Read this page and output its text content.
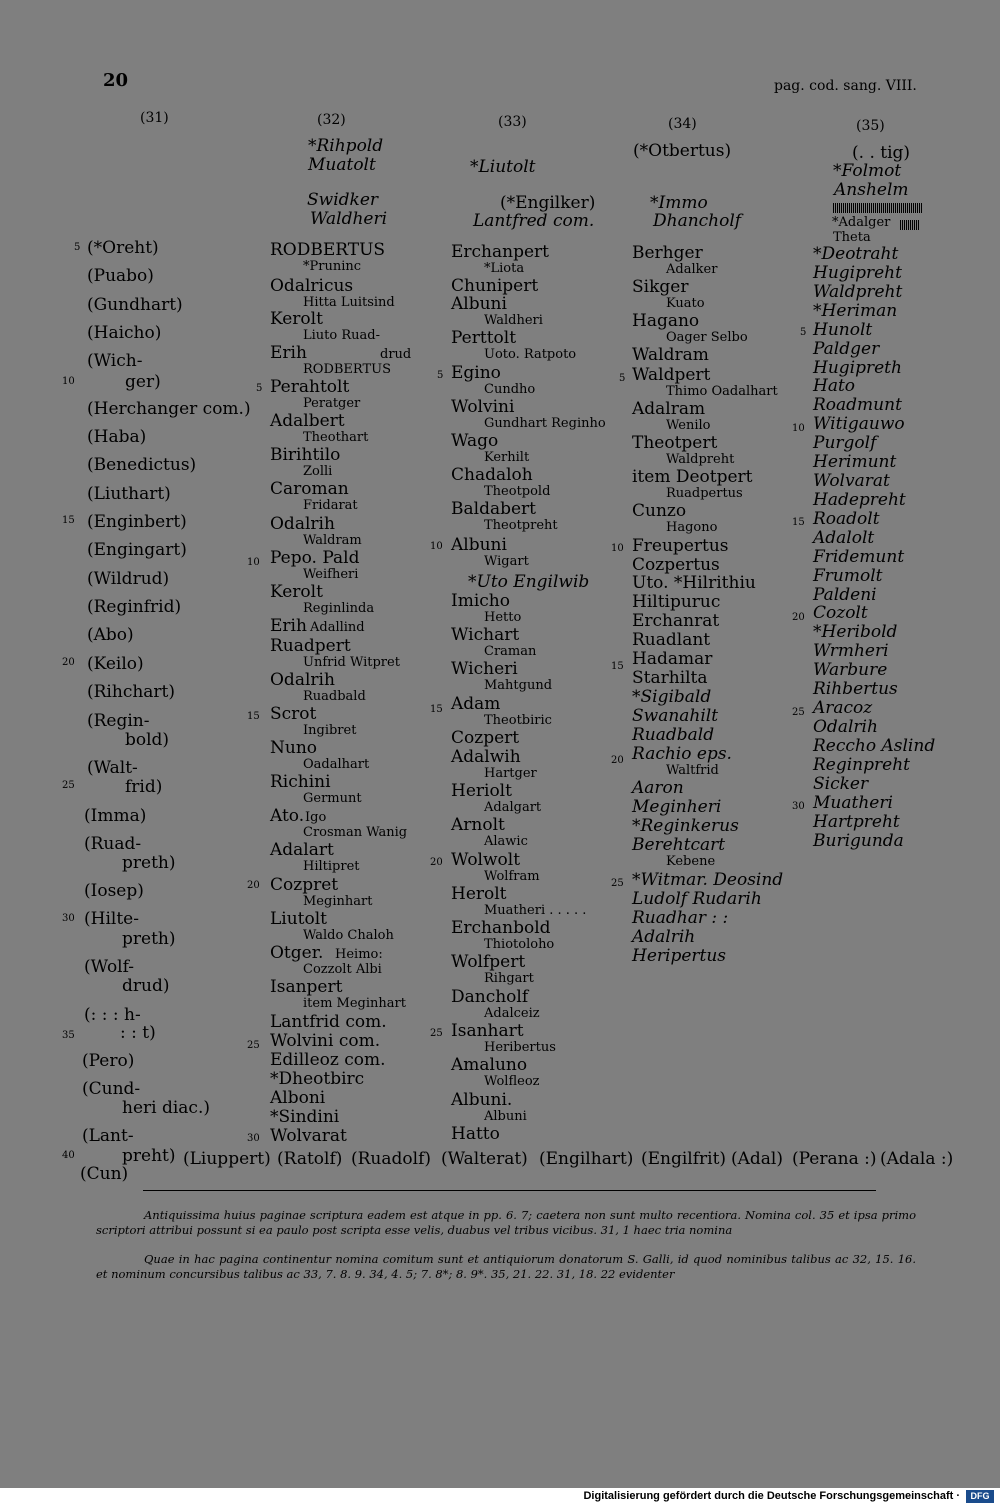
20	pag. cod. sang. VIII.
(31)	(32)	(33)	(34)	(35)
5
10
15
20
25
30
35
40
(*Oreht)
(Puabo)
(Gundhart)
(Haicho)
(Wich-
ger)
(Herchanger com.)
(Haba)
(Benedictus)
(Liuthart)
(Enginbert)
(Engingart)
(Wildrud)
(Reginfrid)
(Abo)
(Keilo)
(Rihchart)
(Regin-
bold)
(Walt-
frid)
(Imma)
(Ruad-
preth)
(Iosep)
(Hilte-
preth)
(Wolf-
drud)
(: : : h-
: : t)
(Pero)
(Cund-
heri diac.)
(Lant-
preht)
(Cun)
*Rihpold
Muatolt
Swidker
Waldheri
RODBERTUS
*Pruninc
Odalricus
Hitta Luitsind
Kerolt
Liuto Ruad-
Erih
RODBERTUS
drud
Perahtolt
Peratger
Adalbert
Theothart
Birihtilo
Zolli
Caroman
Fridarat
Odalrih
Waldram
Pepo. Pald
Weifheri
Kerolt
Reginlinda
Erih Adallind
Ruadpert
Unfrid Witpret
Odalrih
Ruadbald
Scrot
Ingibret
Nuno
Oadalhart
Richini
Germunt
Ato.
Crosman Wanig
Igo
Adalart
Hiltipret
Cozpret
Meginhart
Liutolt
Waldo Chaloh
Otger.
Cozzolt Albi
Heimo:
Isanpert
item Meginhart
Lantfrid com.
Wolvini com.
Edilleoz com.
*Dheotbirc
Alboni
*Sindini
Wolvarat
5
10
15
20
25
30
*Liutolt
(*Engilker)
Lantfred com.
Erchanpert
*Liota
Chunipert
Albuni
Waldheri
Perttolt
Uoto. Ratpoto
Egino
Cundho
Wolvini
Gundhart Reginho
Wago
Kerhilt
Chadaloh
Theotpold
Baldabert
Theotpreht
Albuni
Wigart
*Uto Engilwib
Imicho
Hetto
Wichart
Craman
Wicheri
Mahtgund
Adam
Theotbiric
Cozpert
Adalwih
Hartger
Heriolt
Adalgart
Arnolt
Alawic
Wolwolt
Wolfram
Herolt
Muatheri . . . . .
Erchanbold
Thiotoloho
Wolfpert
Rihgart
Dancholf
Adalceiz
Isanhart
Heribertus
Amaluno
Wolfleoz
Albuni.
Albuni
Hatto
5
10
15
20
25
(*Otbertus)
*Immo
Dhancholf
Berhger
Adalker
Sikger
Kuato
Hagano
Oager Selbo
Waldram
Waldpert
Thimo Oadalhart
Adalram
Wenilo
Theotpert
Waldpreht
item Deotpert
Ruadpertus
Cunzo
Hagono
Freupertus
Cozpertus
Uto. *Hilrithiu
Hiltipuruc
Erchanrat
Ruadlant
Hadamar
Starhilta
*Sigibald
Swanahilt
Ruadbald
Rachio eps.
Waltfrid
Aaron
Meginheri
*Reginkerus
Berehtcart
Kebene
*Witmar. Deosind
Ludolf Rudarih
Ruadhar : :
Adalrih
Heripertus
5
10
15
20
25
(. . tig)
*Folmot
Anshelm
*Adalger
Theta
*Deotraht
Hugipreht
Waldpreht
*Heriman
Hunolt
Paldger
Hugipreth
Hato
Roadmunt
Witigauwo
Purgolf
Herimunt
Wolvarat
Hadepreht
Roadolt
Adalolt
Fridemunt
Frumolt
Paldeni
Cozolt
*Heribold
Wrmheri
Warbure
Rihbertus
Aracoz
Odalrih
Reccho Aslind
Reginpreht
Sicker
Muatheri
Hartpreht
Burigunda
5
10
15
20
25
30
(Liuppert) (Ratolf) (Ruadolf) (Walterat) (Engilhart) (Engilfrit) (Adal) (Perana :) (Adala :)
Antiquissima huius paginae scriptura eadem est atque in pp. 6. 7; caetera non sunt multo recentiora. Nomina col. 35 et ipsa primo scriptori attribui possunt si ea paulo post scripta esse velis, duabus vel tribus vicibus. 31, 1 haec tria nomina
Quae in hac pagina continentur nomina comitum sunt et antiquiorum donatorum S. Galli, id quod nominibus talibus ac 32, 15. 16. et nominum concursibus talibus ac 33, 7. 8. 9. 34, 4. 5; 7. 8*; 8. 9*. 35, 21. 22. 31, 18. 22 evidenter
Digitalisierung gefördert durch die Deutsche Forschungsgemeinschaft ·	DFG
